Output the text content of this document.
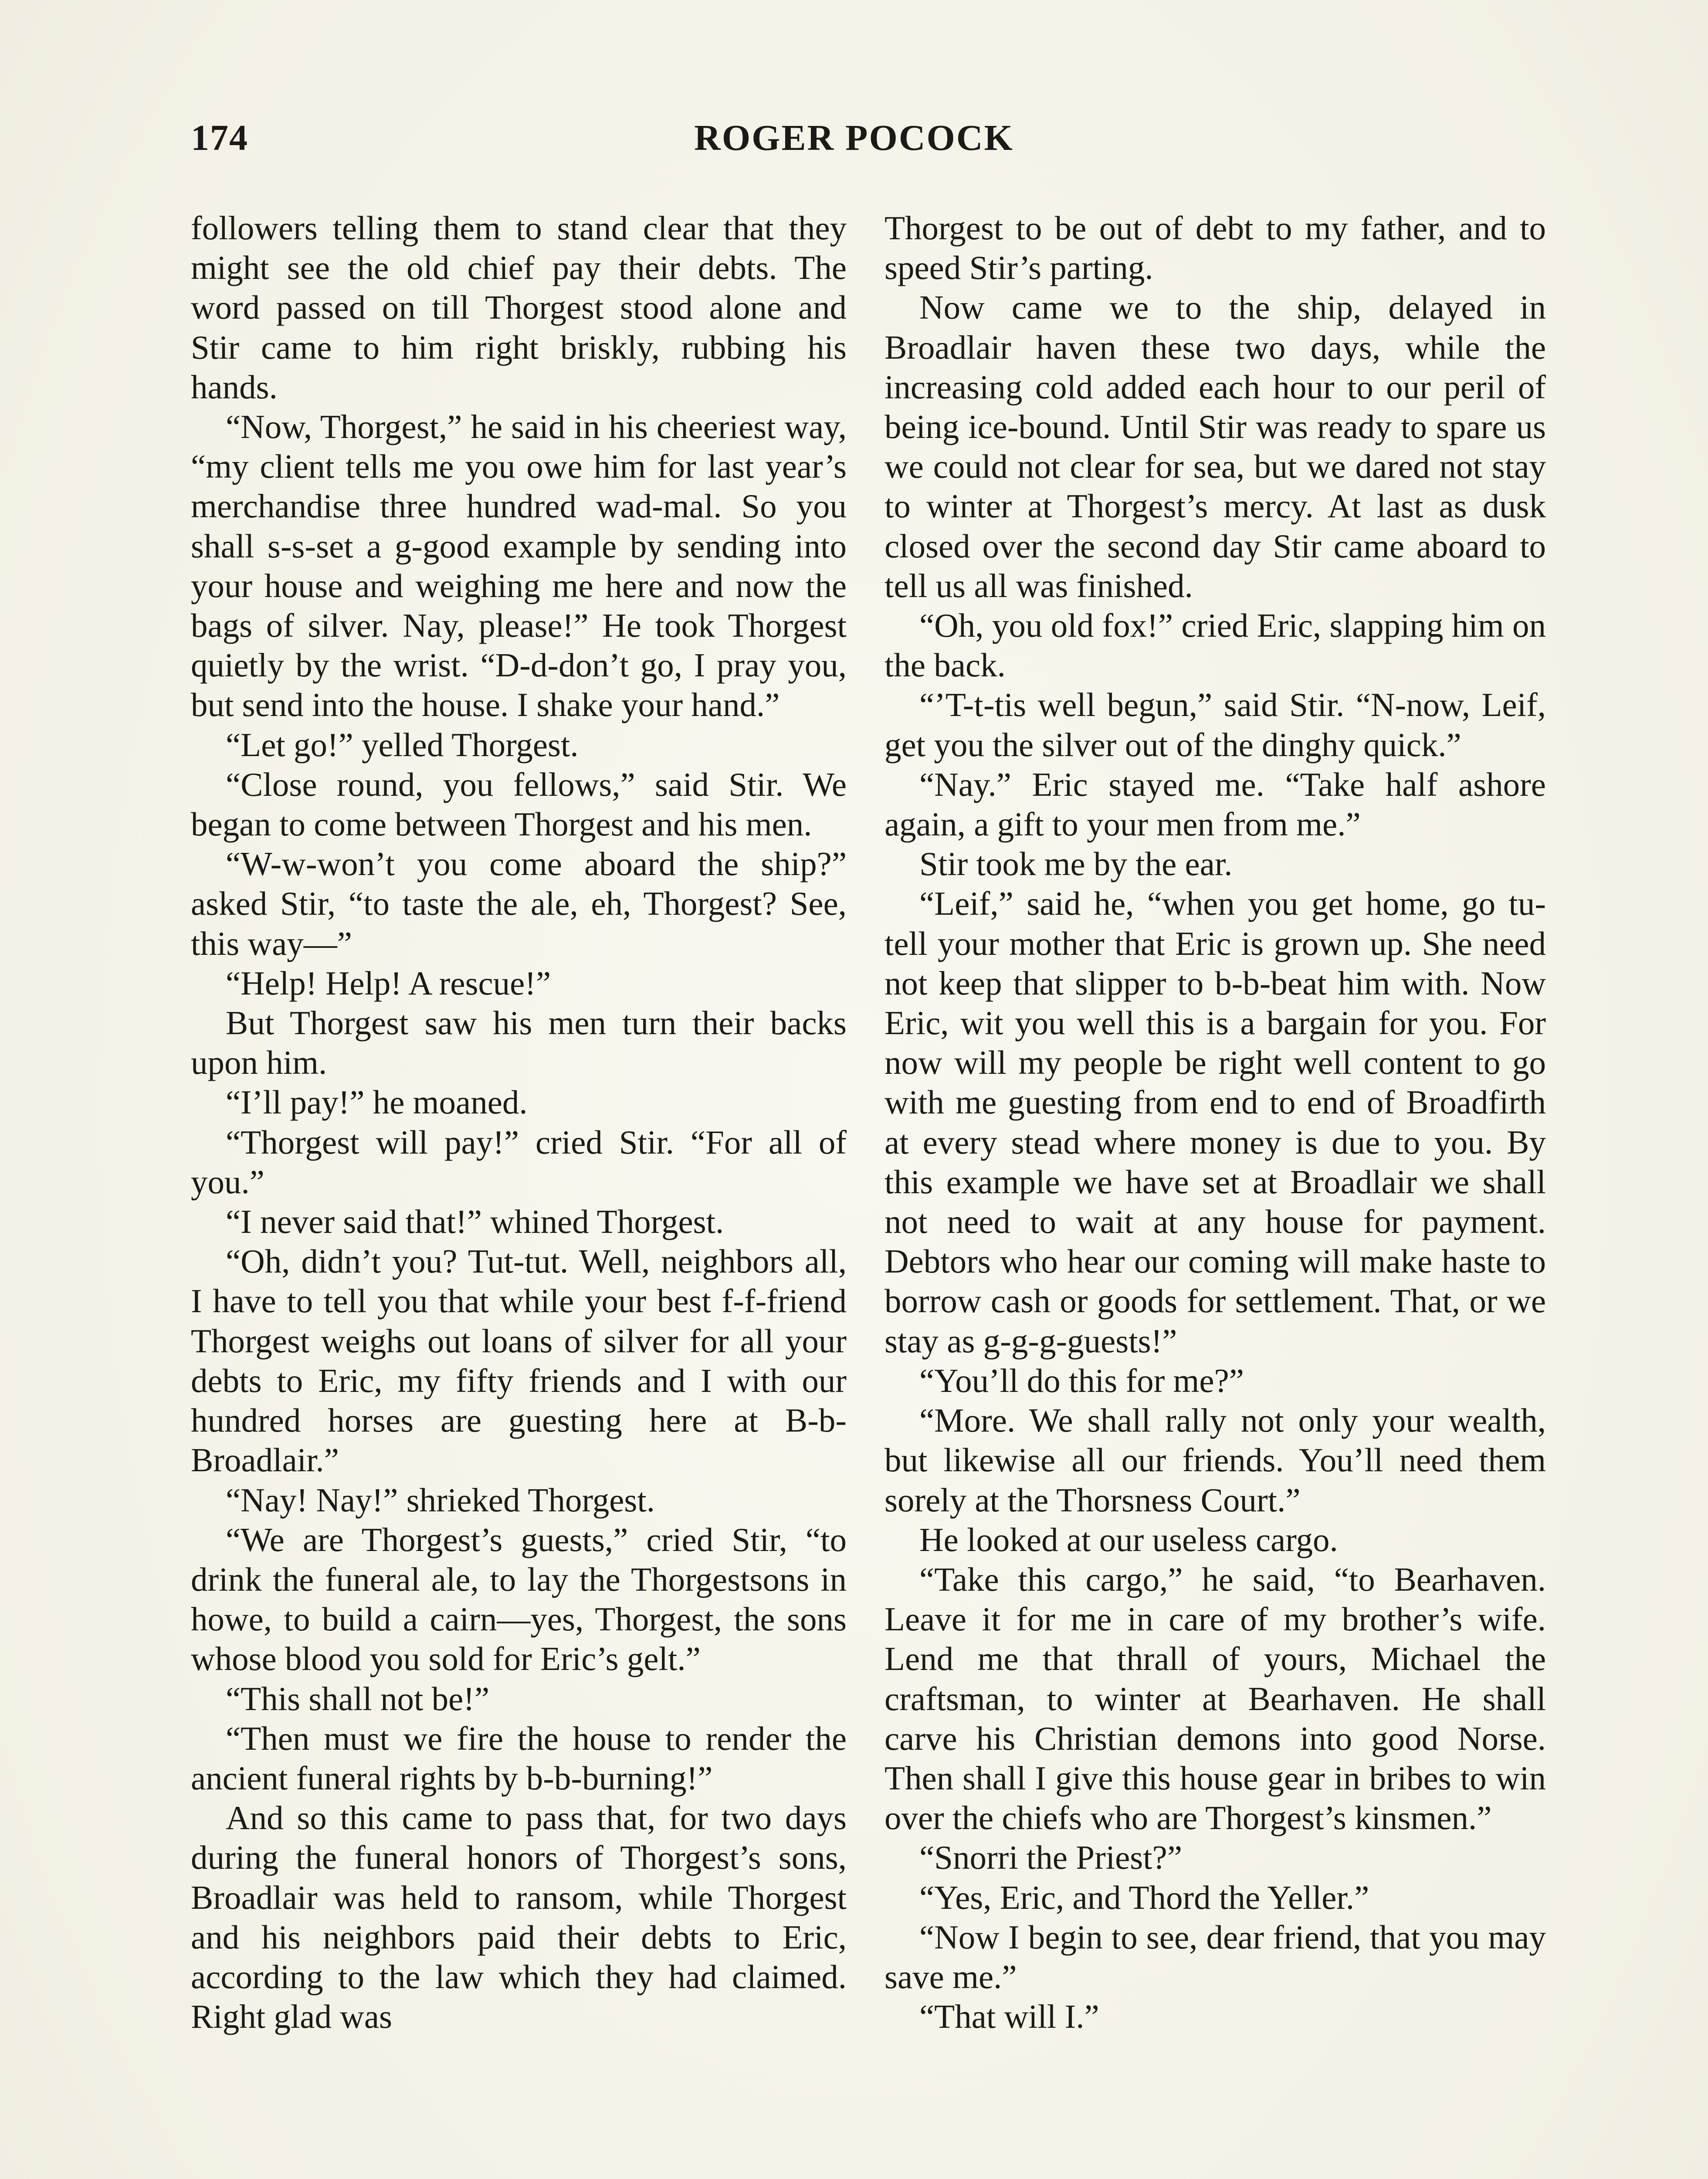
174	ROGER POCOCK

followers telling them to stand clear that they might see the old chief pay their debts. The word passed on till Thorgest stood alone and Stir came to him right briskly, rubbing his hands.

“Now, Thorgest,” he said in his cheeriest way, “my client tells me you owe him for last year’s merchandise three hundred wad-mal. So you shall s-s-set a g-good example by sending into your house and weighing me here and now the bags of silver. Nay, please!” He took Thorgest quietly by the wrist. “D-d-don’t go, I pray you, but send into the house. I shake your hand.”

“Let go!” yelled Thorgest.

“Close round, you fellows,” said Stir. We began to come between Thorgest and his men.

“W-w-won’t you come aboard the ship?” asked Stir, “to taste the ale, eh, Thorgest? See, this way—”

“Help! Help! A rescue!”

But Thorgest saw his men turn their backs upon him.

“I’ll pay!” he moaned.

“Thorgest will pay!” cried Stir. “For all of you.”

“I never said that!” whined Thorgest.

“Oh, didn’t you? Tut-tut. Well, neighbors all, I have to tell you that while your best f-f-friend Thorgest weighs out loans of silver for all your debts to Eric, my fifty friends and I with our hundred horses are guesting here at B-b-Broadlair.”

“Nay! Nay!” shrieked Thorgest.

“We are Thorgest’s guests,” cried Stir, “to drink the funeral ale, to lay the Thorgestsons in howe, to build a cairn—yes, Thorgest, the sons whose blood you sold for Eric’s gelt.”

“This shall not be!”

“Then must we fire the house to render the ancient funeral rights by b-b-burning!”

And so this came to pass that, for two days during the funeral honors of Thorgest’s sons, Broadlair was held to ransom, while Thorgest and his neighbors paid their debts to Eric, according to the law which they had claimed. Right glad was

Thorgest to be out of debt to my father, and to speed Stir’s parting.

Now came we to the ship, delayed in Broadlair haven these two days, while the increasing cold added each hour to our peril of being ice-bound. Until Stir was ready to spare us we could not clear for sea, but we dared not stay to winter at Thorgest’s mercy. At last as dusk closed over the second day Stir came aboard to tell us all was finished.

“Oh, you old fox!” cried Eric, slapping him on the back.

“’T-t-tis well begun,” said Stir. “N-now, Leif, get you the silver out of the dinghy quick.”

“Nay.” Eric stayed me. “Take half ashore again, a gift to your men from me.”

Stir took me by the ear.

“Leif,” said he, “when you get home, go tu-tell your mother that Eric is grown up. She need not keep that slipper to b-b-beat him with. Now Eric, wit you well this is a bargain for you. For now will my people be right well content to go with me guesting from end to end of Broadfirth at every stead where money is due to you. By this example we have set at Broadlair we shall not need to wait at any house for payment. Debtors who hear our coming will make haste to borrow cash or goods for settlement. That, or we stay as g-g-g-guests!”

“You’ll do this for me?”

“More. We shall rally not only your wealth, but likewise all our friends. You’ll need them sorely at the Thorsness Court.”

He looked at our useless cargo.

“Take this cargo,” he said, “to Bearhaven. Leave it for me in care of my brother’s wife. Lend me that thrall of yours, Michael the craftsman, to winter at Bearhaven. He shall carve his Christian demons into good Norse. Then shall I give this house gear in bribes to win over the chiefs who are Thorgest’s kinsmen.”

“Snorri the Priest?”

“Yes, Eric, and Thord the Yeller.”

“Now I begin to see, dear friend, that you may save me.”

“That will I.”
